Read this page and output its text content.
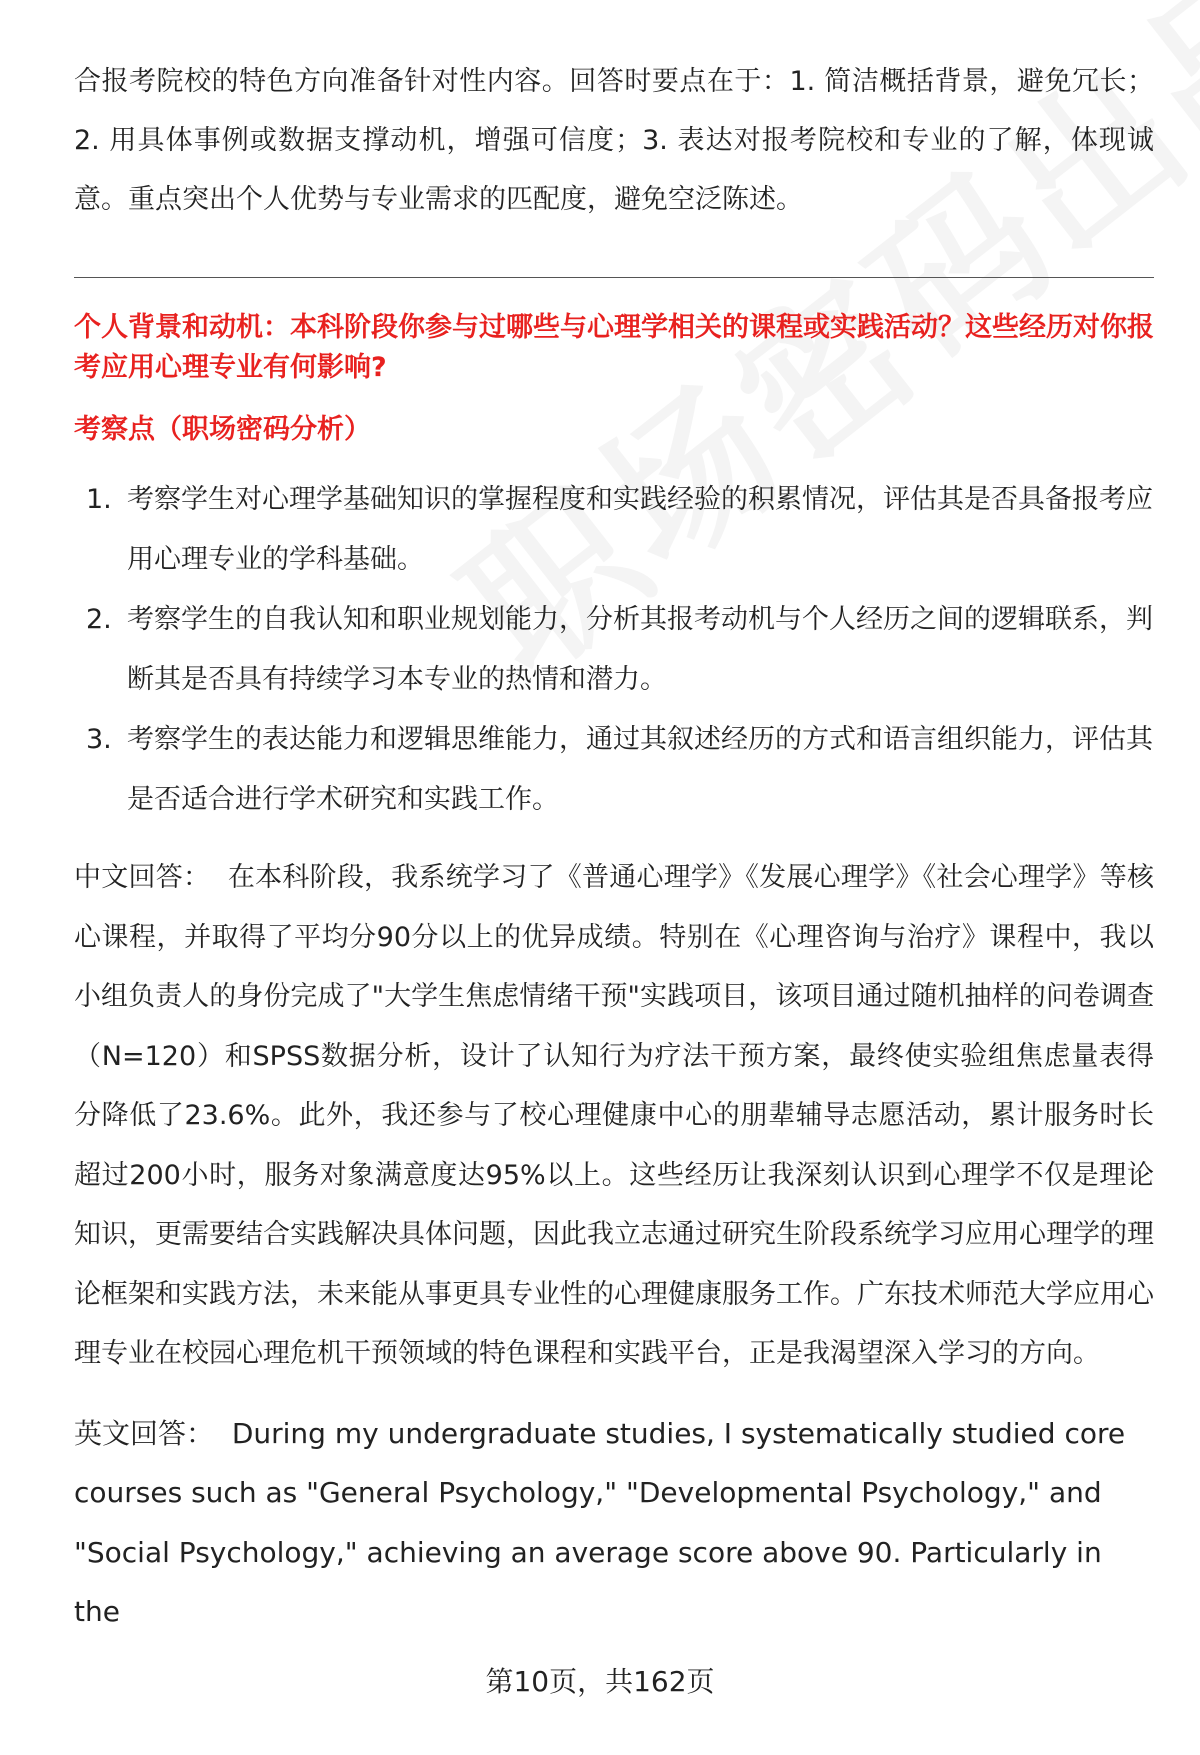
合报考院校的特色方向准备针对性内容。回答时要点在于：1. 简洁概括背景，避免冗长；2. 用具体事例或数据支撑动机，增强可信度；3. 表达对报考院校和专业的了解，体现诚意。重点突出个人优势与专业需求的匹配度，避免空泛陈述。

个人背景和动机：本科阶段你参与过哪些与心理学相关的课程或实践活动？这些经历对你报考应用心理专业有何影响?

考察点（职场密码分析）

1. 考察学生对心理学基础知识的掌握程度和实践经验的积累情况，评估其是否具备报考应用心理专业的学科基础。
2. 考察学生的自我认知和职业规划能力，分析其报考动机与个人经历之间的逻辑联系，判断其是否具有持续学习本专业的热情和潜力。
3. 考察学生的表达能力和逻辑思维能力，通过其叙述经历的方式和语言组织能力，评估其是否适合进行学术研究和实践工作。

中文回答： 在本科阶段，我系统学习了《普通心理学》《发展心理学》《社会心理学》等核心课程，并取得了平均分90分以上的优异成绩。特别在《心理咨询与治疗》课程中，我以小组负责人的身份完成了"大学生焦虑情绪干预"实践项目，该项目通过随机抽样的问卷调查（N=120）和SPSS数据分析，设计了认知行为疗法干预方案，最终使实验组焦虑量表得分降低了23.6%。此外，我还参与了校心理健康中心的朋辈辅导志愿活动，累计服务时长超过200小时，服务对象满意度达95%以上。这些经历让我深刻认识到心理学不仅是理论知识，更需要结合实践解决具体问题，因此我立志通过研究生阶段系统学习应用心理学的理论框架和实践方法，未来能从事更具专业性的心理健康服务工作。广东技术师范大学应用心理专业在校园心理危机干预领域的特色课程和实践平台，正是我渴望深入学习的方向。

英文回答： During my undergraduate studies, I systematically studied core courses such as "General Psychology," "Developmental Psychology," and "Social Psychology," achieving an average score above 90. Particularly in the

第10页，共162页
